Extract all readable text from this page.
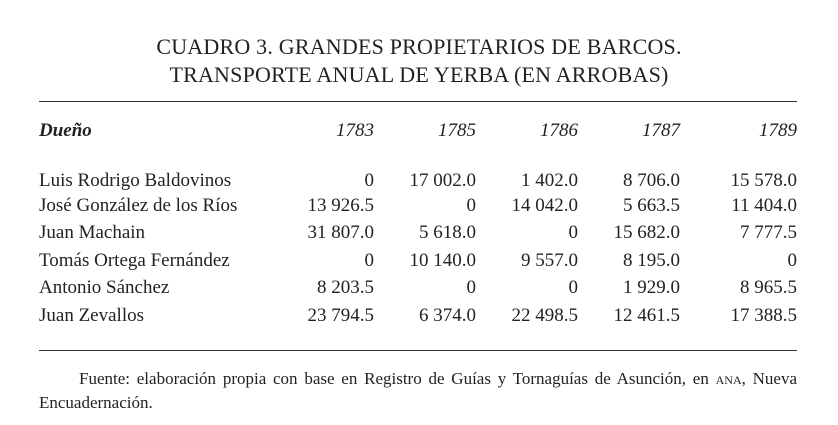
CUADRO 3. GRANDES PROPIETARIOS DE BARCOS.
TRANSPORTE ANUAL DE YERBA (EN ARROBAS)
Dueño	1783	1785	1786	1787	1789
Luis Rodrigo Baldovinos	0	17 002.0	1 402.0	8 706.0	15 578.0
José González de los Ríos	13 926.5	0	14 042.0	5 663.5	11 404.0
Juan Machain	31 807.0	5 618.0	0	15 682.0	7 777.5
Tomás Ortega Fernández	0	10 140.0	9 557.0	8 195.0	0
Antonio Sánchez	8 203.5	0	0	1 929.0	8 965.5
Juan Zevallos	23 794.5	6 374.0	22 498.5	12 461.5	17 388.5
Fuente: elaboración propia con base en Registro de Guías y Tornaguías de Asunción, en ana, Nueva Encuadernación.
